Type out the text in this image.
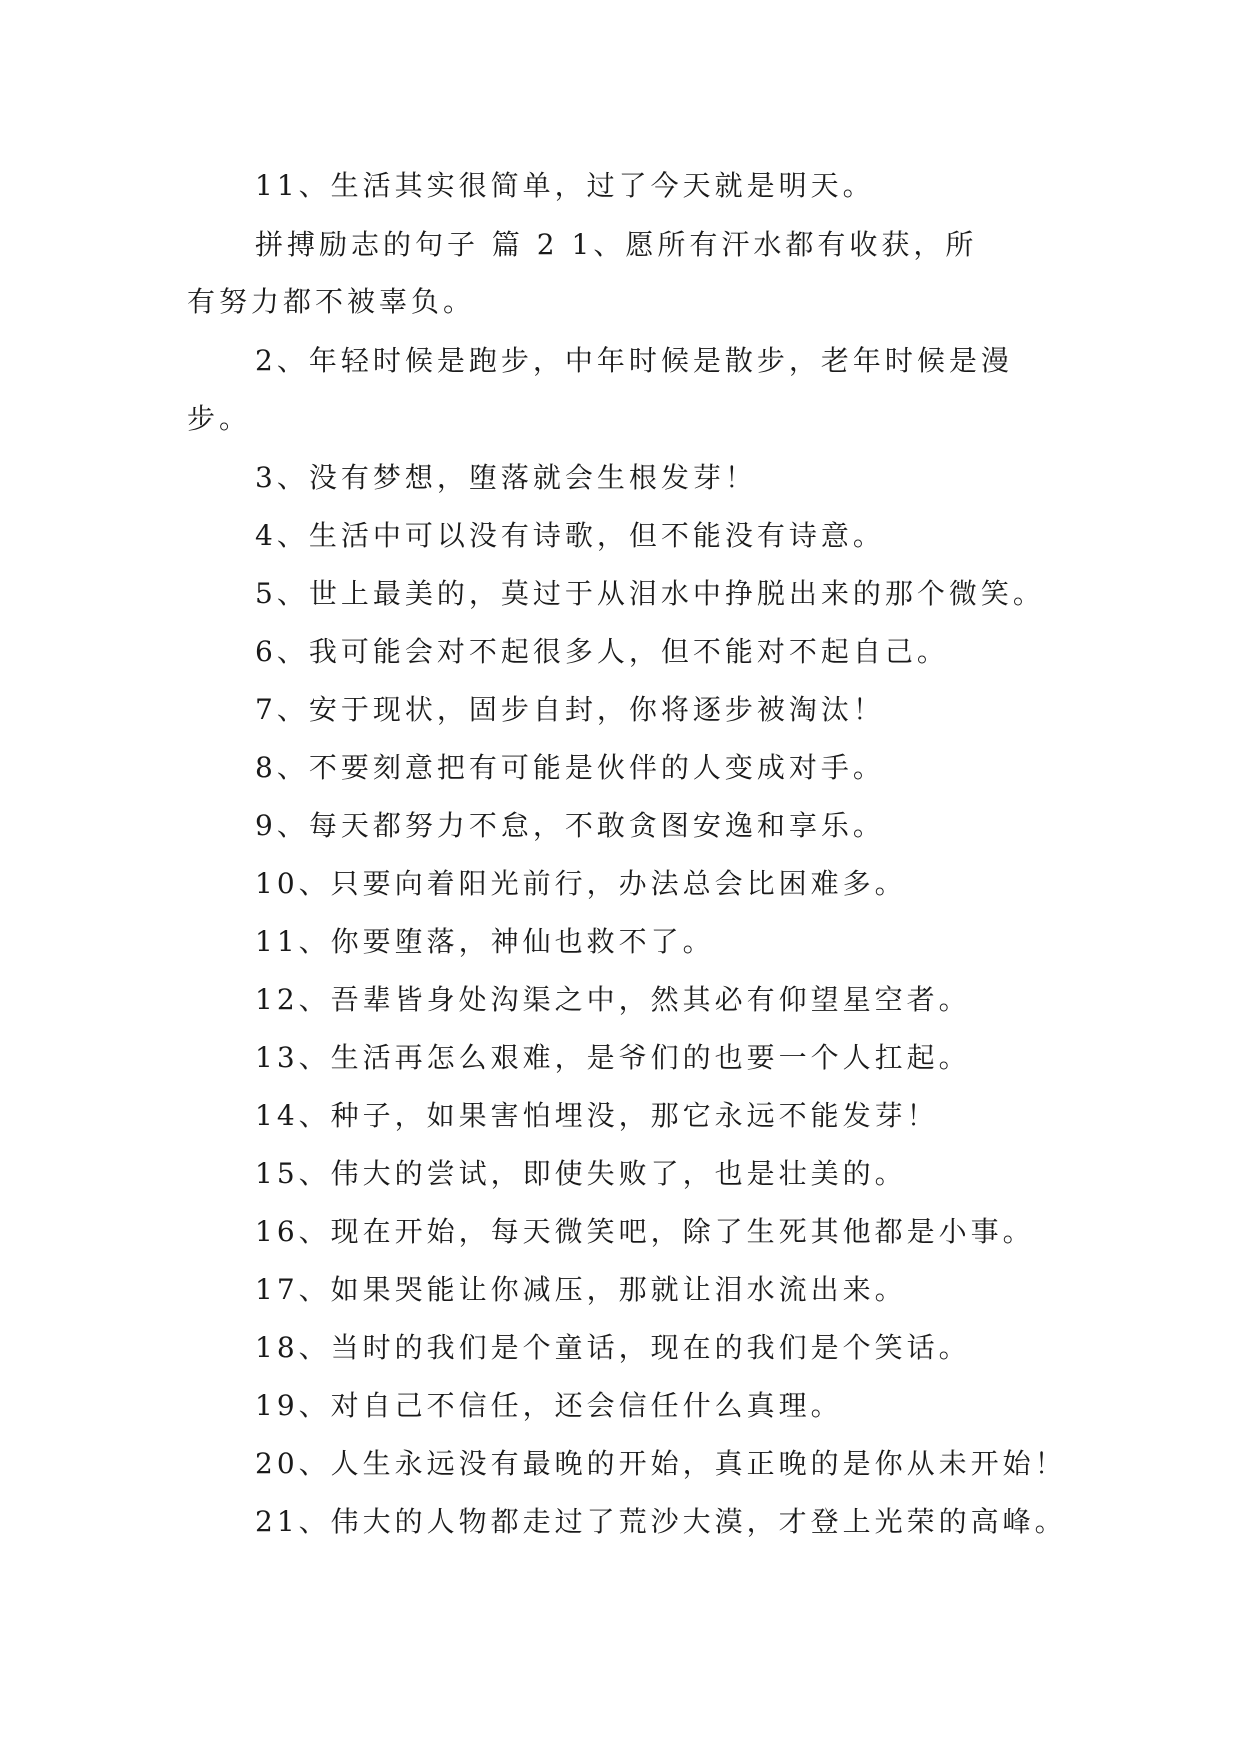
11、生活其实很简单，过了今天就是明天。
拼搏励志的句子 篇 2 1、愿所有汗水都有收获，所
有努力都不被辜负。
2、年轻时候是跑步，中年时候是散步，老年时候是漫
步。
3、没有梦想，堕落就会生根发芽！
4、生活中可以没有诗歌，但不能没有诗意。
5、世上最美的，莫过于从泪水中挣脱出来的那个微笑。
6、我可能会对不起很多人，但不能对不起自己。
7、安于现状，固步自封，你将逐步被淘汰！
8、不要刻意把有可能是伙伴的人变成对手。
9、每天都努力不怠，不敢贪图安逸和享乐。
10、只要向着阳光前行，办法总会比困难多。
11、你要堕落，神仙也救不了。
12、吾辈皆身处沟渠之中，然其必有仰望星空者。
13、生活再怎么艰难，是爷们的也要一个人扛起。
14、种子，如果害怕埋没，那它永远不能发芽！
15、伟大的尝试，即使失败了，也是壮美的。
16、现在开始，每天微笑吧，除了生死其他都是小事。
17、如果哭能让你减压，那就让泪水流出来。
18、当时的我们是个童话，现在的我们是个笑话。
19、对自己不信任，还会信任什么真理。
20、人生永远没有最晚的开始，真正晚的是你从未开始！
21、伟大的人物都走过了荒沙大漠，才登上光荣的高峰。
